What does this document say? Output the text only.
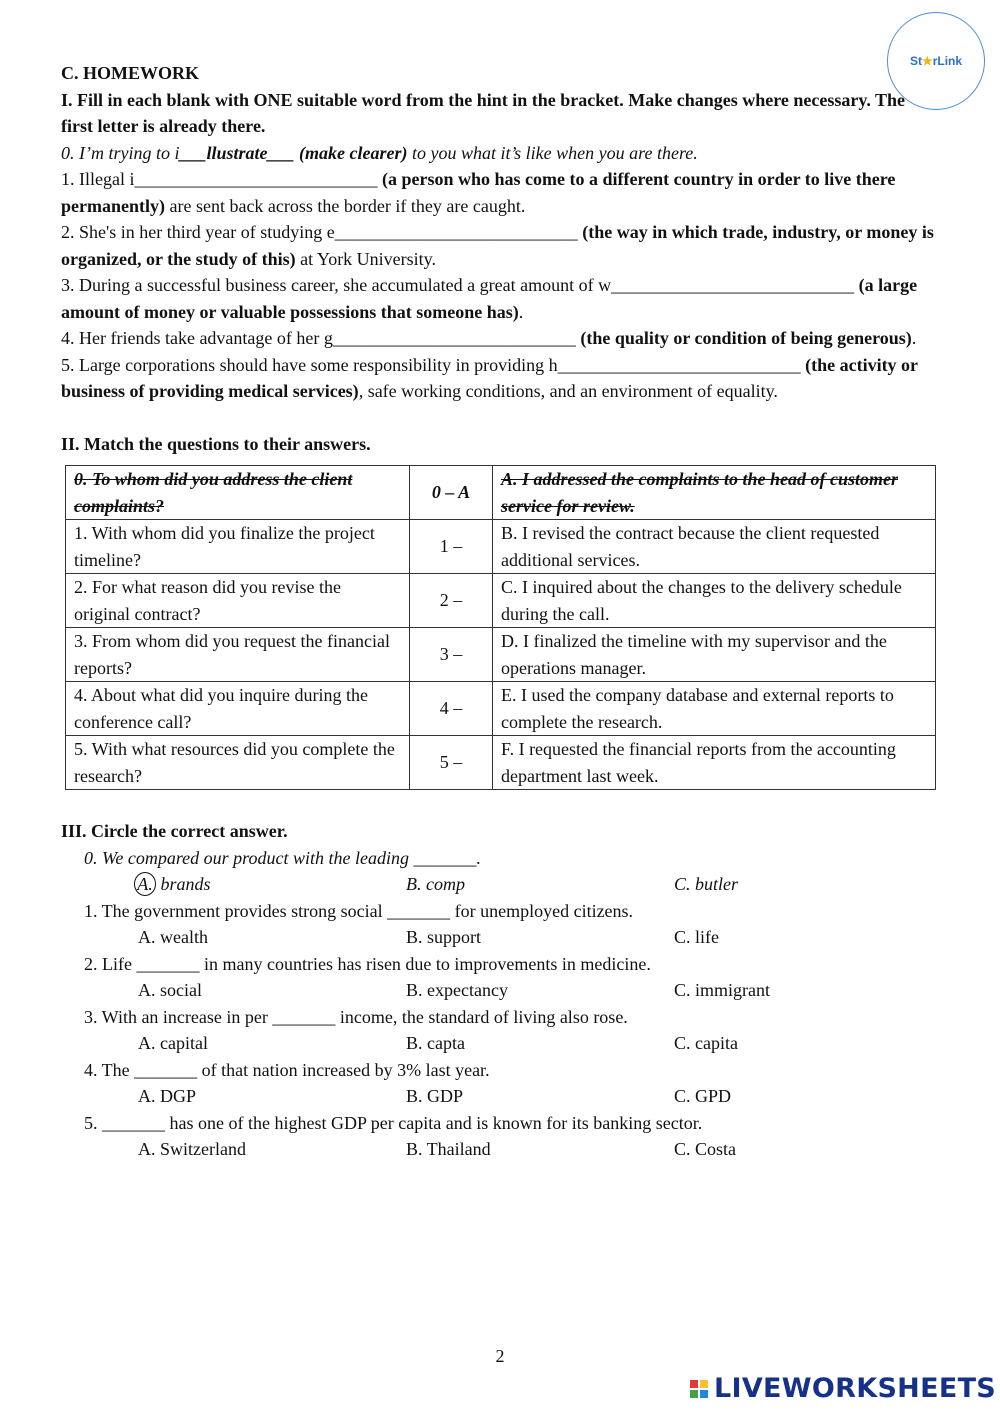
St ★ rLink

C. HOMEWORK

I. Fill in each blank with ONE suitable word from the hint in the bracket. Make changes where necessary. The first letter is already there.

0. I’m trying to i___llustrate___ (make clearer) to you what it’s like when you are there.

1. Illegal i___________________________ (a person who has come to a different country in order to live there permanently) are sent back across the border if they are caught.

2. She's in her third year of studying e___________________________ (the way in which trade, industry, or money is organized, or the study of this) at York University.

3. During a successful business career, she accumulated a great amount of w___________________________ (a large amount of money or valuable possessions that someone has).

4. Her friends take advantage of her g___________________________ (the quality or condition of being generous).

5. Large corporations should have some responsibility in providing h___________________________ (the activity or business of providing medical services), safe working conditions, and an environment of equality.

II. Match the questions to their answers.

0. To whom did you address the client complaints?	0 – A	A. I addressed the complaints to the head of customer service for review.
1. With whom did you finalize the project timeline?	1 –	B. I revised the contract because the client requested additional services.
2. For what reason did you revise the original contract?	2 –	C. I inquired about the changes to the delivery schedule during the call.
3. From whom did you request the financial reports?	3 –	D. I finalized the timeline with my supervisor and the operations manager.
4. About what did you inquire during the conference call?	4 –	E. I used the company database and external reports to complete the research.
5. With what resources did you complete the research?	5 –	F. I requested the financial reports from the accounting department last week.

III. Circle the correct answer.

0. We compared our product with the leading _______.

A. brands	B. comp	C. butler

1. The government provides strong social _______ for unemployed citizens.

A. wealth	B. support	C. life

2. Life _______ in many countries has risen due to improvements in medicine.

A. social	B. expectancy	C. immigrant

3. With an increase in per _______ income, the standard of living also rose.

A. capital	B. capta	C. capita

4. The _______ of that nation increased by 3% last year.

A. DGP	B. GDP	C. GPD

5. _______ has one of the highest GDP per capita and is known for its banking sector.

A. Switzerland	B. Thailand	C. Costa
2
LIVEWORKSHEETS
